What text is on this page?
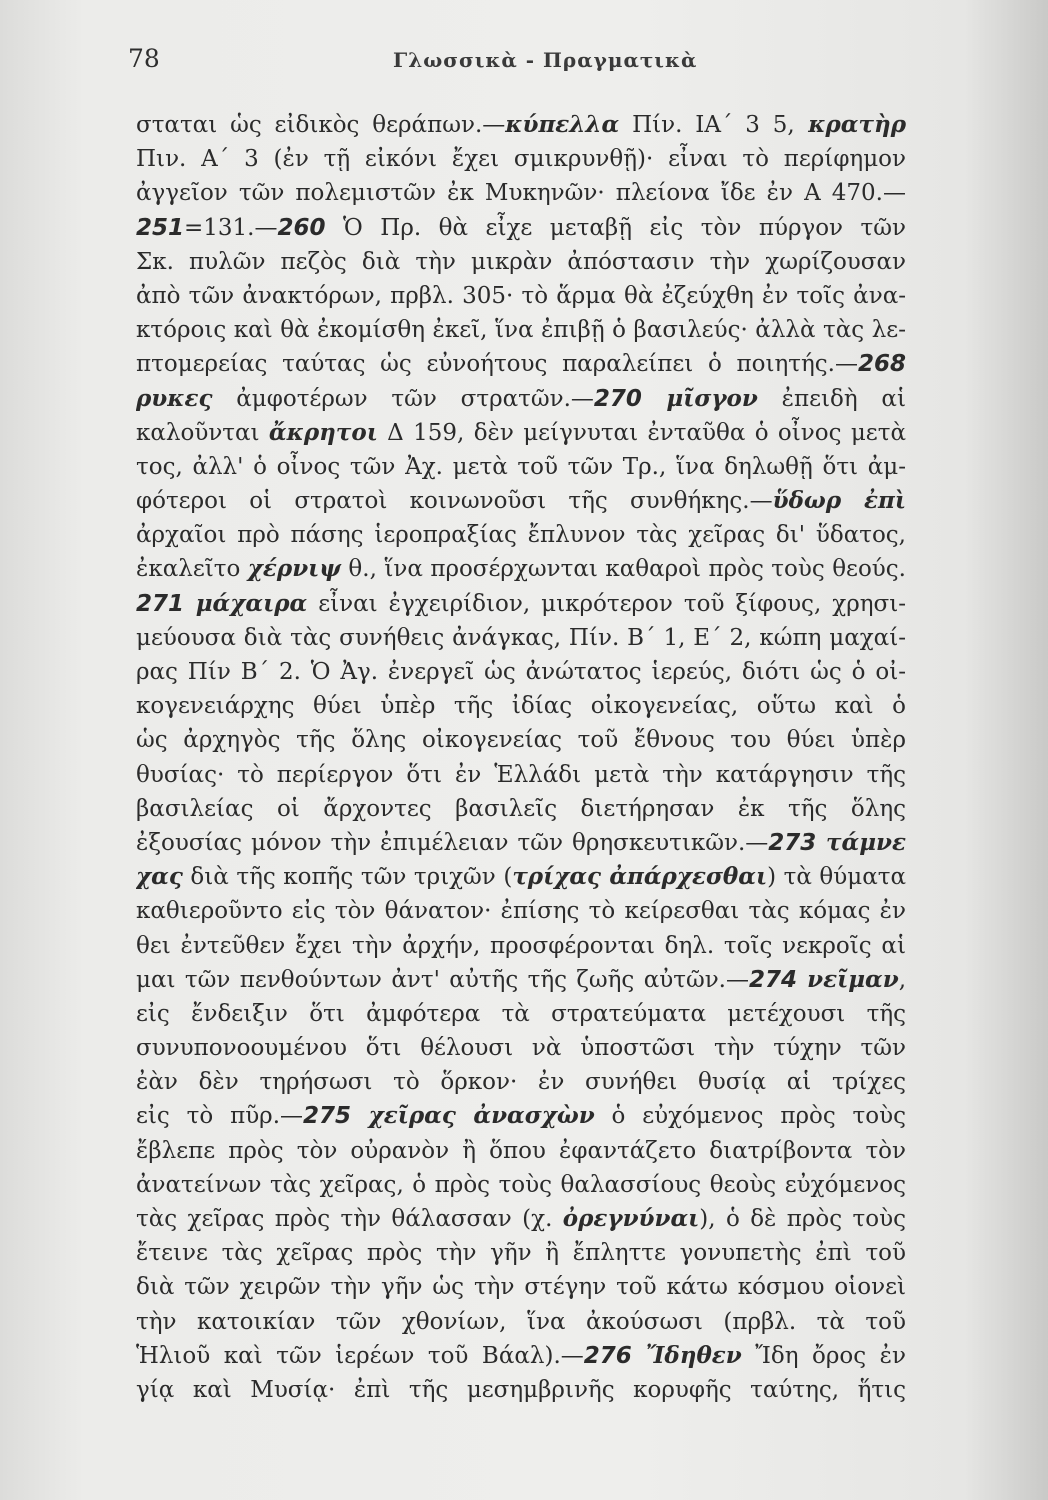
78	Γλωσσικὰ - Πραγματικὰ
σταται ὡς εἰδικὸς θεράπων.—κύπελλα Πίν. ΙΑ΄ 3 5, κρατὴρ
Πιν. Α΄ 3 (ἐν τῇ εἰκόνι ἔχει σμικρυνθῇ)· εἶναι τὸ περίφημον
ἀγγεῖον τῶν πολεμιστῶν ἐκ Μυκηνῶν· πλείονα ἴδε ἐν Α 470.—
251=131.—260 Ὁ Πρ. θὰ εἶχε μεταβῇ εἰς τὸν πύργον τῶν
Σκ. πυλῶν πεζὸς διὰ τὴν μικρὰν ἀπόστασιν τὴν χωρίζουσαν
ἀπὸ τῶν ἀνακτόρων, πρβλ. 305· τὸ ἅρμα θὰ ἐζεύχθη ἐν τοῖς ἀνα-
κτόροις καὶ θὰ ἐκομίσθη ἐκεῖ, ἵνα ἐπιβῇ ὁ βασιλεύς· ἀλλὰ τὰς λε-
πτομερείας ταύτας ὡς εὐνοήτους παραλείπει ὁ ποιητής.—268
ρυκες ἀμφοτέρων τῶν στρατῶν.—270 μῖσγον ἐπειδὴ αἱ
καλοῦνται ἄκρητοι Δ 159, δὲν μείγνυται ἐνταῦθα ὁ οἶνος μετὰ
τος, ἀλλ' ὁ οἶνος τῶν Ἀχ. μετὰ τοῦ τῶν Τρ., ἵνα δηλωθῇ ὅτι ἀμ-
φότεροι οἱ στρατοὶ κοινωνοῦσι τῆς συνθήκης.—ὕδωρ ἐπὶ
ἀρχαῖοι πρὸ πάσης ἱεροπραξίας ἔπλυνον τὰς χεῖρας δι' ὕδατος,
ἐκαλεῖτο χέρνιψ θ., ἵνα προσέρχωνται καθαροὶ πρὸς τοὺς θεούς.
271 μάχαιρα εἶναι ἐγχειρίδιον, μικρότερον τοῦ ξίφους, χρησι-
μεύουσα διὰ τὰς συνήθεις ἀνάγκας, Πίν. Β΄ 1, Ε΄ 2, κώπη μαχαί-
ρας Πίν Β΄ 2. Ὁ Ἀγ. ἐνεργεῖ ὡς ἀνώτατος ἱερεύς, διότι ὡς ὁ οἰ-
κογενειάρχης θύει ὑπὲρ τῆς ἰδίας οἰκογενείας, οὕτω καὶ ὁ
ὡς ἀρχηγὸς τῆς ὅλης οἰκογενείας τοῦ ἔθνους του θύει ὑπὲρ
θυσίας· τὸ περίεργον ὅτι ἐν Ἑλλάδι μετὰ τὴν κατάργησιν τῆς
βασιλείας οἱ ἄρχοντες βασιλεῖς διετήρησαν ἐκ τῆς ὅλης
ἐξουσίας μόνον τὴν ἐπιμέλειαν τῶν θρησκευτικῶν.—273 τάμνε
χας διὰ τῆς κοπῆς τῶν τριχῶν (τρίχας ἀπάρχεσθαι) τὰ θύματα
καθιεροῦντο εἰς τὸν θάνατον· ἐπίσης τὸ κείρεσθαι τὰς κόμας ἐν
θει ἐντεῦθεν ἔχει τὴν ἀρχήν, προσφέρονται δηλ. τοῖς νεκροῖς αἱ
μαι τῶν πενθούντων ἀντ' αὐτῆς τῆς ζωῆς αὐτῶν.—274 νεῖμαν,
εἰς ἔνδειξιν ὅτι ἀμφότερα τὰ στρατεύματα μετέχουσι τῆς
συνυπονοουμένου ὅτι θέλουσι νὰ ὑποστῶσι τὴν τύχην τῶν
ἐὰν δὲν τηρήσωσι τὸ ὅρκον· ἐν συνήθει θυσίᾳ αἱ τρίχες
εἰς τὸ πῦρ.—275 χεῖρας ἀνασχὼν ὁ εὐχόμενος πρὸς τοὺς
ἔβλεπε πρὸς τὸν οὐρανὸν ἢ ὅπου ἐφαντάζετο διατρίβοντα τὸν
ἀνατείνων τὰς χεῖρας, ὁ πρὸς τοὺς θαλασσίους θεοὺς εὐχόμενος
τὰς χεῖρας πρὸς τὴν θάλασσαν (χ. ὀρεγνύναι), ὁ δὲ πρὸς τοὺς
ἔτεινε τὰς χεῖρας πρὸς τὴν γῆν ἢ ἔπληττε γονυπετὴς ἐπὶ τοῦ
διὰ τῶν χειρῶν τὴν γῆν ὡς τὴν στέγην τοῦ κάτω κόσμου οἱονεὶ
τὴν κατοικίαν τῶν χθονίων, ἵνα ἀκούσωσι (πρβλ. τὰ τοῦ
Ἡλιοῦ καὶ τῶν ἱερέων τοῦ Βάαλ).—276 Ἴδηθεν Ἴδη ὄρος ἐν
γίᾳ καὶ Μυσίᾳ· ἐπὶ τῆς μεσημβρινῆς κορυφῆς ταύτης, ἥτις
